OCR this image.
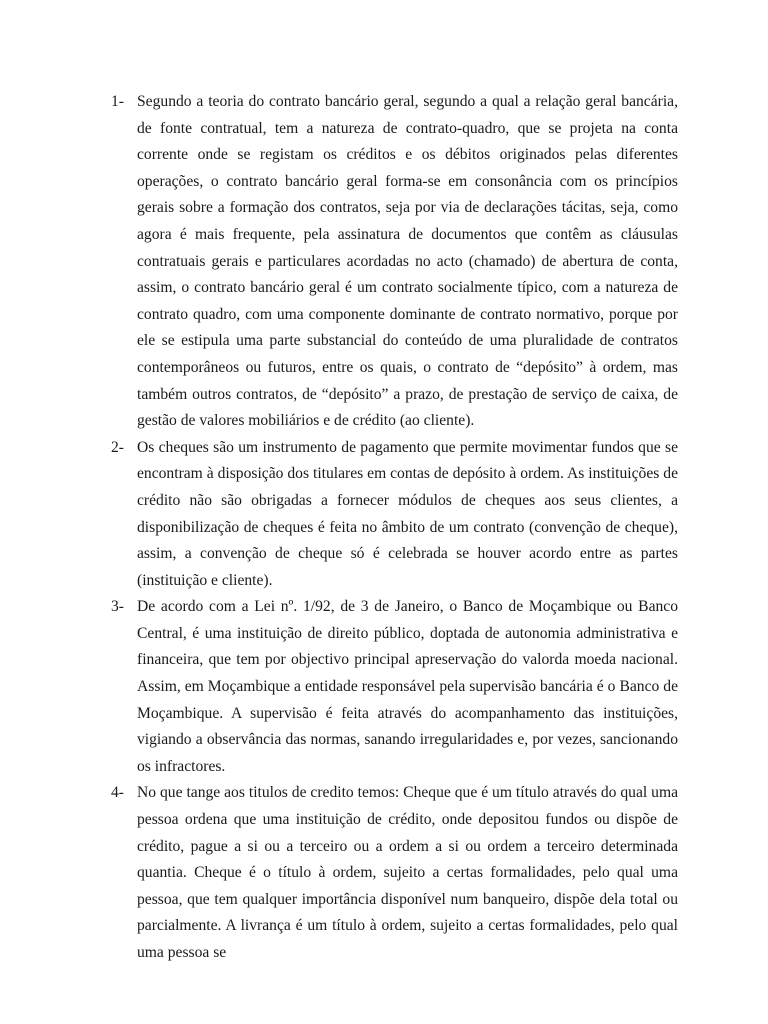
1- Segundo a teoria do contrato bancário geral, segundo a qual a relação geral bancária, de fonte contratual, tem a natureza de contrato-quadro, que se projeta na conta corrente onde se registam os créditos e os débitos originados pelas diferentes operações, o contrato bancário geral forma-se em consonância com os princípios gerais sobre a formação dos contratos, seja por via de declarações tácitas, seja, como agora é mais frequente, pela assinatura de documentos que contêm as cláusulas contratuais gerais e particulares acordadas no acto (chamado) de abertura de conta, assim, o contrato bancário geral é um contrato socialmente típico, com a natureza de contrato quadro, com uma componente dominante de contrato normativo, porque por ele se estipula uma parte substancial do conteúdo de uma pluralidade de contratos contemporâneos ou futuros, entre os quais, o contrato de “depósito” à ordem, mas também outros contratos, de “depósito” a prazo, de prestação de serviço de caixa, de gestão de valores mobiliários e de crédito (ao cliente).
2- Os cheques são um instrumento de pagamento que permite movimentar fundos que se encontram à disposição dos titulares em contas de depósito à ordem. As instituições de crédito não são obrigadas a fornecer módulos de cheques aos seus clientes, a disponibilização de cheques é feita no âmbito de um contrato (convenção de cheque), assim, a convenção de cheque só é celebrada se houver acordo entre as partes (instituição e cliente).
3- De acordo com a Lei nº. 1/92, de 3 de Janeiro, o Banco de Moçambique ou Banco Central, é uma instituição de direito público, doptada de autonomia administrativa e financeira, que tem por objectivo principal apreservação do valorda moeda nacional. Assim, em Moçambique a entidade responsável pela supervisão bancária é o Banco de Moçambique. A supervisão é feita através do acompanhamento das instituições, vigiando a observância das normas, sanando irregularidades e, por vezes, sancionando os infractores.
4- No que tange aos titulos de credito temos: Cheque que é um título através do qual uma pessoa ordena que uma instituição de crédito, onde depositou fundos ou dispõe de crédito, pague a si ou a terceiro ou a ordem a si ou ordem a terceiro determinada quantia. Cheque é o título à ordem, sujeito a certas formalidades, pelo qual uma pessoa, que tem qualquer importância disponível num banqueiro, dispõe dela total ou parcialmente. A livrança é um título à ordem, sujeito a certas formalidades, pelo qual uma pessoa se
